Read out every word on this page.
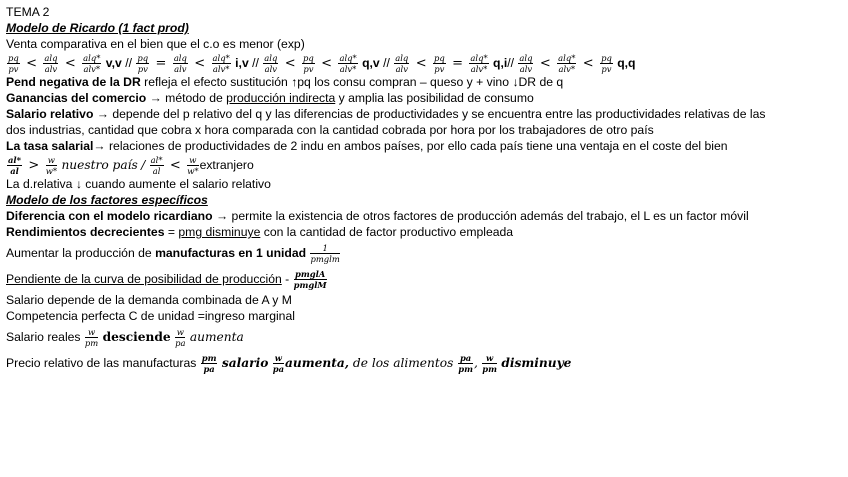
TEMA 2
Modelo de Ricardo (1 fact prod)
Venta comparativa en el bien que el c.o es menor (exp)
$\frac{pq}{pv} < \frac{\text{alq}}{\text{alv}} < \frac{\text{alq*}}{\text{alv*}} v,v // \frac{pq}{pv} = \frac{\text{alq}}{\text{alv}} < \frac{\text{alq*}}{\text{alv*}} i,v // \frac{\text{alq}}{\text{alv}} < \frac{pq}{pv} < \frac{\text{alq*}}{\text{alv*}} q,v // \frac{\text{alq}}{\text{alv}} < \frac{pq}{pv} = \frac{\text{alq*}}{\text{alv*}} q,i// \frac{\text{alq}}{\text{alv}} < \frac{\text{alq*}}{\text{alv*}} < \frac{pq}{pv} q,q$
Pend negativa de la DR refleja el efecto sustitución ↑pq los consu compran – queso y + vino ↓DR de q
Ganancias del comercio → método de producción indirecta y amplia las posibilidad de consumo
Salario relativo → depende del p relativo del q y las diferencias de productividades y se encuentra entre las productividades relativas de las
dos industrias, cantidad que cobra x hora comparada con la cantidad cobrada por hora por los trabajadores de otro país
La tasa salarial→ relaciones de productividades de 2 indu en ambos países, por ello cada país tiene una ventaja en el coste del bien
$\frac{al*}{al} > \frac{w}{w*}$ nuestro país / $\frac{al*}{al} < \frac{w}{w*}$ extranjero
La d.relativa ↓ cuando aumente el salario relativo
Modelo de los factores específicos
Diferencia con el modelo ricardiano → permite la existencia de otros factores de producción además del trabajo, el L es un factor móvil
Rendimientos decrecientes = pmg disminuye con la cantidad de factor productivo empleada
Aumentar la producción de manufacturas en 1 unidad $\frac{1}{\text{pmglm}}$
Pendiente de la curva de posibilidad de producción - $\frac{\text{pmglA}}{\text{pmglM}}$
Salario depende de la demanda combinada de A y M
Competencia perfecta C de unidad =ingreso marginal
Salario reales $\frac{w}{pm}$ desciende $\frac{w}{pa}$ aumenta
Precio relativo de las manufacturas $\frac{pm}{pa}$ salario $\frac{w}{pa}$ aumenta, de los alimentos $\frac{pa}{pm}$ , $\frac{w}{pm}$ disminuye
